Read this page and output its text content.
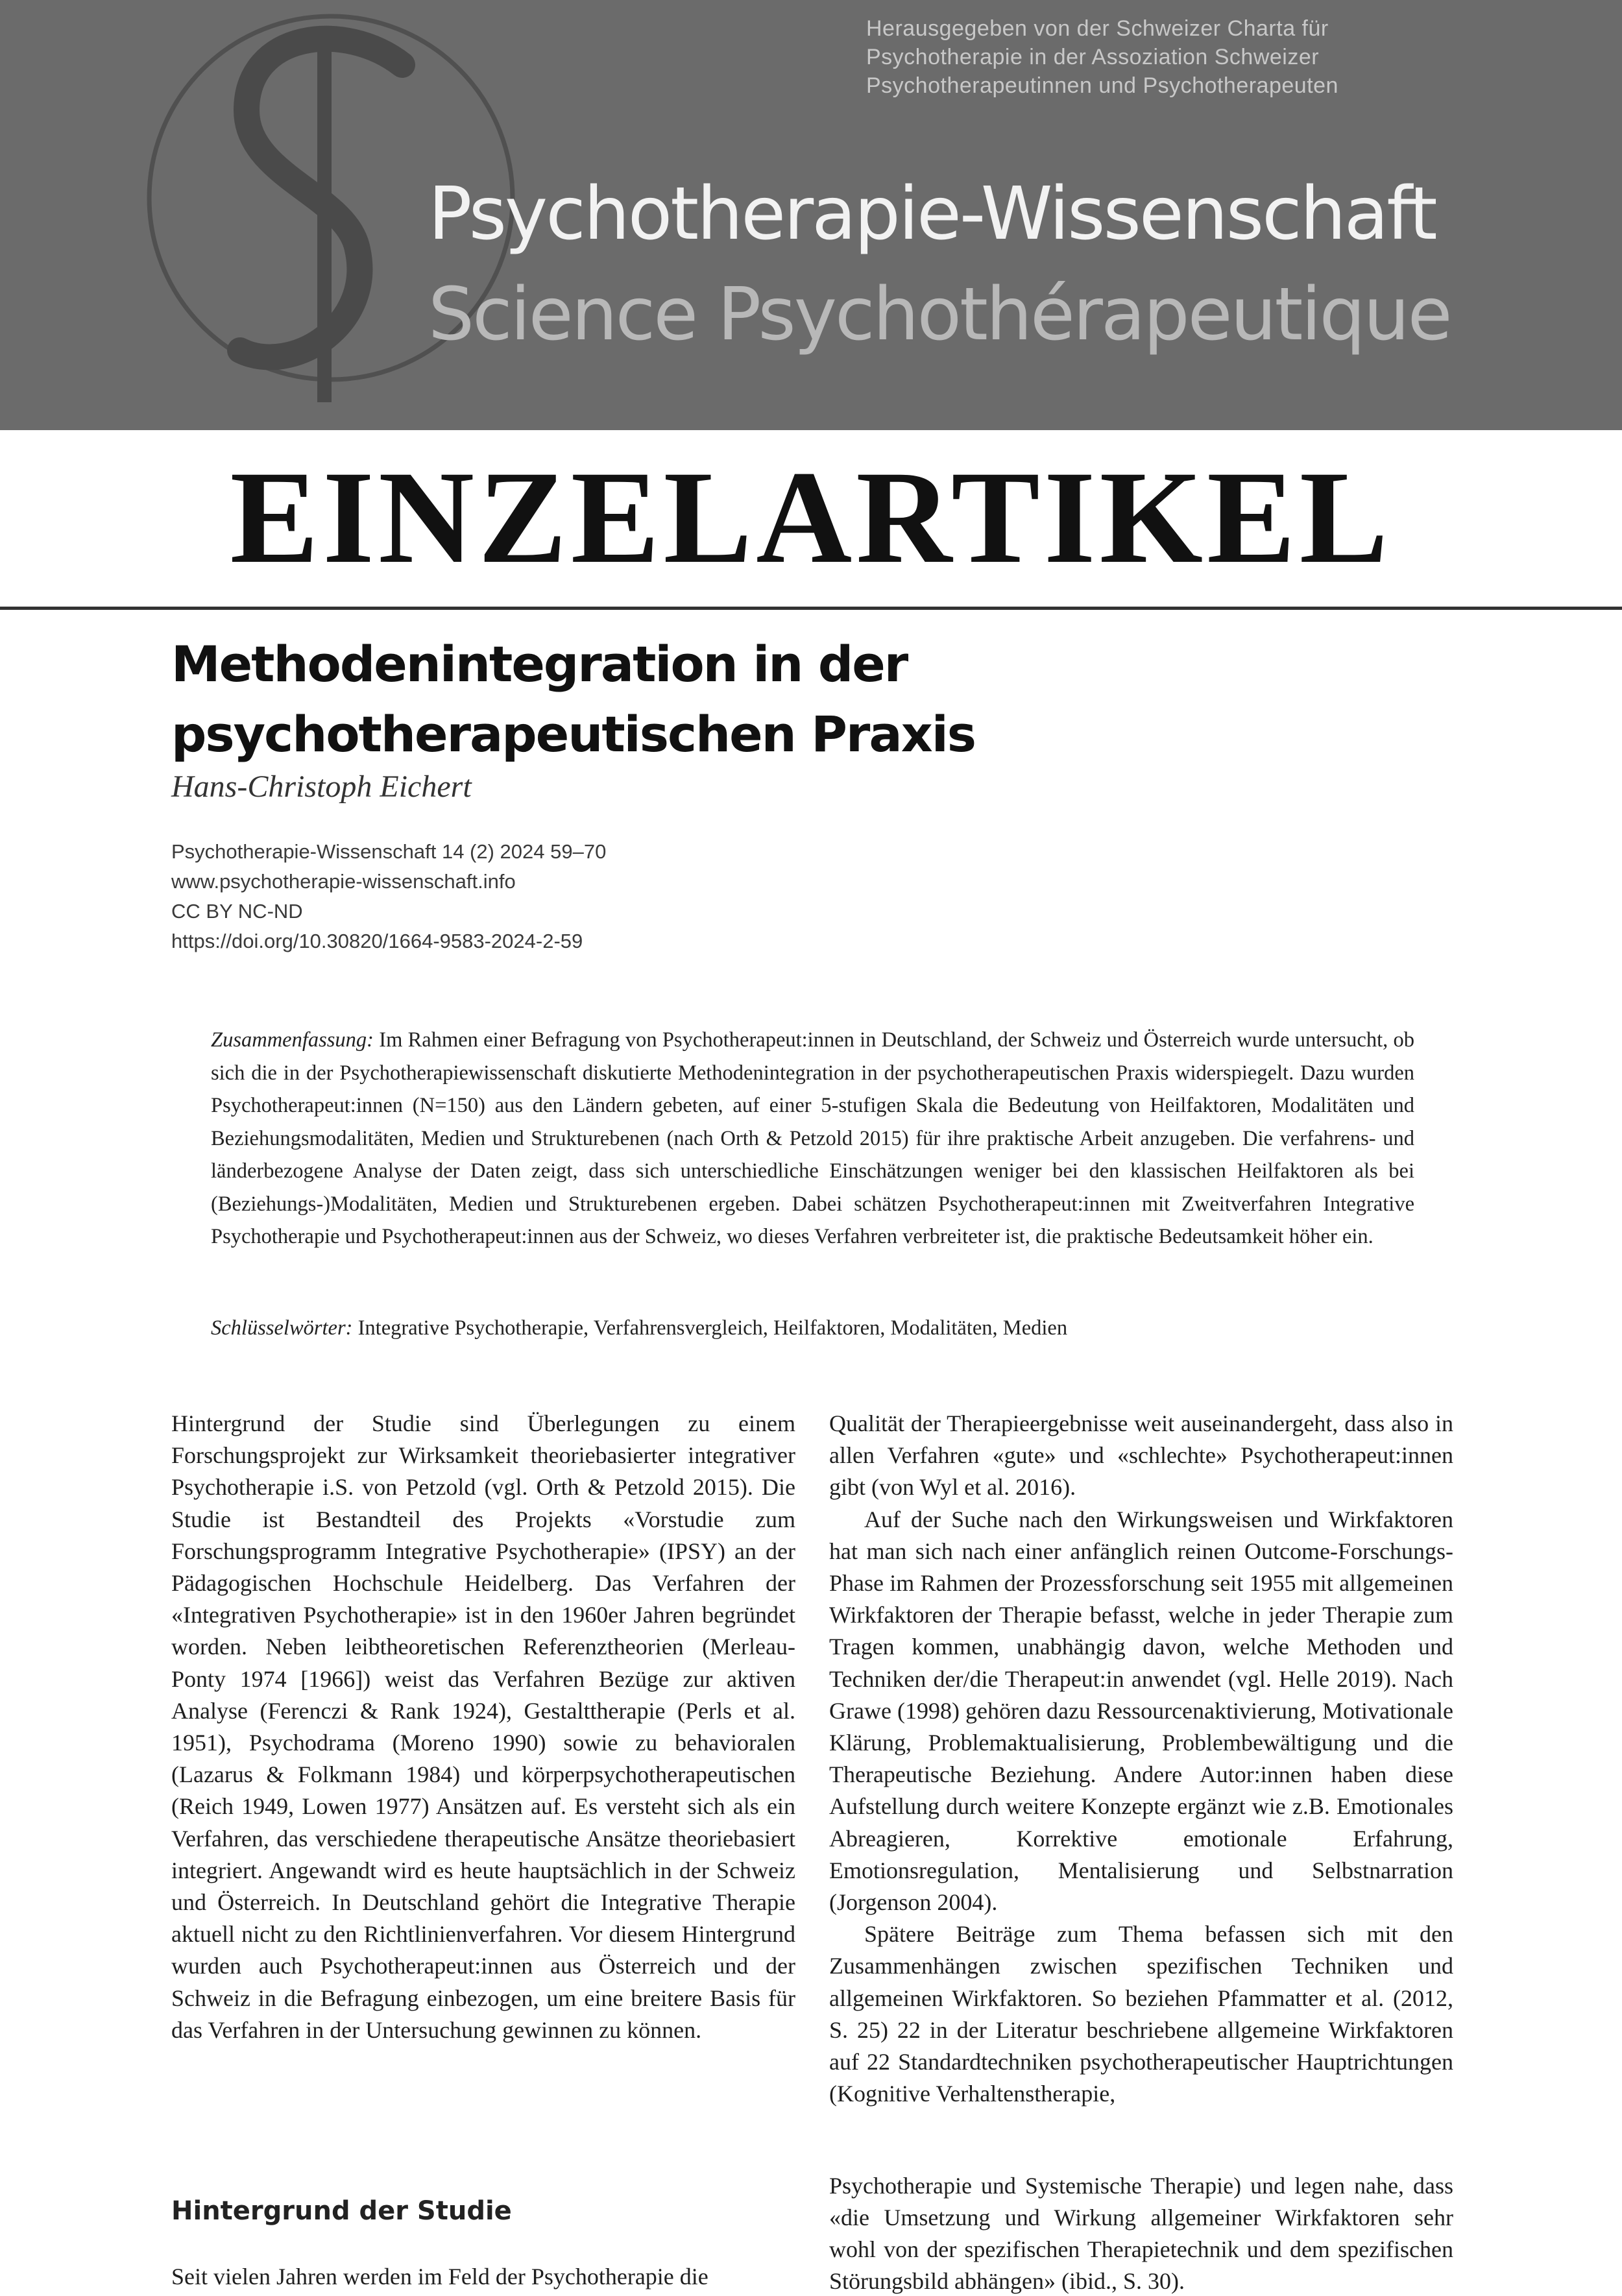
Herausgegeben von der Schweizer Charta für
Psychotherapie in der Assoziation Schweizer
Psychotherapeutinnen und Psychotherapeuten
Psychotherapie-Wissenschaft
Science Psychothérapeutique
EINZELARTIKEL
Methodenintegration in der
psychotherapeutischen Praxis
Hans-Christoph Eichert
Psychotherapie-Wissenschaft 14 (2) 2024 59–70
www.psychotherapie-wissenschaft.info
CC BY NC-ND
https://doi.org/10.30820/1664-9583-2024-2-59
Zusammenfassung: Im Rahmen einer Befragung von Psychotherapeut:innen in Deutschland, der Schweiz und Österreich wurde untersucht, ob sich die in der Psychotherapiewissenschaft diskutierte Methodenintegration in der psychotherapeutischen Praxis widerspiegelt. Dazu wurden Psychotherapeut:innen (N=150) aus den Ländern gebeten, auf einer 5-stufigen Skala die Bedeutung von Heilfaktoren, Modalitäten und Beziehungsmodalitäten, Medien und Strukturebenen (nach Orth & Petzold 2015) für ihre praktische Arbeit anzugeben. Die verfahrens- und länderbezogene Analyse der Daten zeigt, dass sich unterschiedliche Einschätzungen weniger bei den klassischen Heilfaktoren als bei (Beziehungs-)Modalitäten, Medien und Strukturebenen ergeben. Dabei schätzen Psychotherapeut:innen mit Zweitverfahren Integrative Psychotherapie und Psychotherapeut:innen aus der Schweiz, wo dieses Verfahren verbreiteter ist, die praktische Bedeutsamkeit höher ein.
Schlüsselwörter: Integrative Psychotherapie, Verfahrensvergleich, Heilfaktoren, Modalitäten, Medien

Hintergrund der Studie sind Überlegungen zu einem Forschungsprojekt zur Wirksamkeit theoriebasierter integrativer Psychotherapie i.S. von Petzold (vgl. Orth & Petzold 2015). Die Studie ist Bestandteil des Projekts «Vorstudie zum Forschungsprogramm Integrative Psychotherapie» (IPSY) an der Pädagogischen Hochschule Heidelberg. Das Verfahren der «Integrativen Psychotherapie» ist in den 1960er Jahren begründet worden. Neben leibtheoretischen Referenztheorien (Merleau-Ponty 1974 [1966]) weist das Verfahren Bezüge zur aktiven Analyse (Ferenczi & Rank 1924), Gestalttherapie (Perls et al. 1951), Psychodrama (Moreno 1990) sowie zu behavioralen (Lazarus & Folkmann 1984) und körperpsychotherapeutischen (Reich 1949, Lowen 1977) Ansätzen auf. Es versteht sich als ein Verfahren, das verschiedene therapeutische Ansätze theoriebasiert integriert. Angewandt wird es heute hauptsächlich in der Schweiz und Österreich. In Deutschland gehört die Integrative Therapie aktuell nicht zu den Richtlinienverfahren. Vor diesem Hintergrund wurden auch Psychotherapeut:innen aus Österreich und der Schweiz in die Befragung einbezogen, um eine breitere Basis für das Verfahren in der Untersuchung gewinnen zu können.

Qualität der Therapieergebnisse weit auseinandergeht, dass also in allen Verfahren «gute» und «schlechte» Psychotherapeut:innen gibt (von Wyl et al. 2016).

Auf der Suche nach den Wirkungsweisen und Wirkfaktoren hat man sich nach einer anfänglich reinen Outcome-Forschungs-Phase im Rahmen der Prozessforschung seit 1955 mit allgemeinen Wirkfaktoren der Therapie befasst, welche in jeder Therapie zum Tragen kommen, unabhängig davon, welche Methoden und Techniken der/die Therapeut:in anwendet (vgl. Helle 2019). Nach Grawe (1998) gehören dazu Ressourcenaktivierung, Motivationale Klärung, Problemaktualisierung, Problembewältigung und die Therapeutische Beziehung. Andere Autor:innen haben diese Aufstellung durch weitere Konzepte ergänzt wie z.B. Emotionales Abreagieren, Korrektive emotionale Erfahrung, Emotionsregulation, Mentalisierung und Selbstnarration (Jorgenson 2004).

Spätere Beiträge zum Thema befassen sich mit den Zusammenhängen zwischen spezifischen Techniken und allgemeinen Wirkfaktoren. So beziehen Pfammatter et al. (2012, S. 25) 22 in der Literatur beschriebene allgemeine Wirkfaktoren auf 22 Standardtechniken psychotherapeutischer Hauptrichtungen (Kognitive Verhaltenstherapie,

Hintergrund der Studie
Seit vielen Jahren werden im Feld der Psychotherapie die

Psychotherapie und Systemische Therapie) und legen nahe, dass «die Umsetzung und Wirkung allgemeiner Wirkfaktoren sehr wohl von der spezifischen Therapietechnik und dem spezifischen Störungsbild abhängen» (ibid., S. 30).
